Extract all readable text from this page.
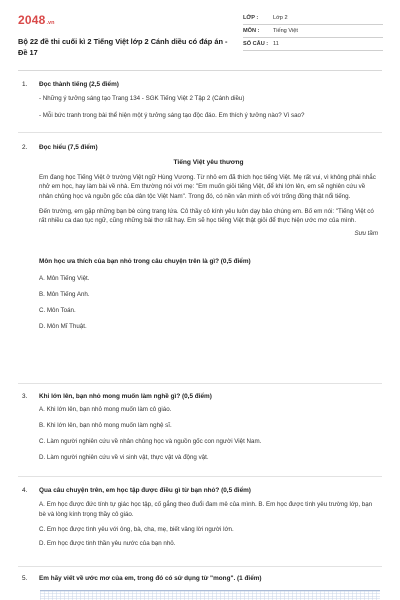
2048 .vn
Bộ 22 đề thi cuối kì 2 Tiếng Việt lớp 2 Cánh diều có đáp án - Đề 17
LỚP :	Lớp 2
MÔN :	Tiếng Việt
SỐ CÂU : 11
1.	Đọc thành tiếng (2,5 điểm)
- Những ý tưởng sáng tạo Trang 134 - SGK Tiếng Việt 2 Tập 2 (Cánh diều)
- Mỗi bức tranh trong bài thể hiện một ý tưởng sáng tạo độc đáo. Em thích ý tưởng nào? Vì sao?
2.	Đọc hiểu (7,5 điểm)
Tiếng Việt yêu thương
Em đang học Tiếng Việt ở trường Việt ngữ Hùng Vương. Từ nhỏ em đã thích học tiếng Việt. Mẹ rất vui, vì không phải nhắc nhở em học, hay làm bài về nhà. Em thường nói với mẹ: "Em muốn giỏi tiếng Việt, để khi lớn lên, em sẽ nghiên cứu về nhân chủng học và nguồn gốc của dân tộc Việt Nam". Trong đó, có nền văn minh cổ với trống đồng thật nổi tiếng.
Đến trường, em gặp những bạn bè cùng trang lứa. Cô thầy cô kính yêu luôn dạy bảo chúng em. Bố em nói: "Tiếng Việt có rất nhiều ca dao tục ngữ, cũng những bài thơ rất hay. Em sẽ học tiếng Việt thật giỏi để thực hiện ước mơ của mình.
Sưu tầm
Môn học ưa thích của bạn nhỏ trong câu chuyện trên là gì? (0,5 điểm)
A. Môn Tiếng Việt.
B. Môn Tiếng Anh.
C. Môn Toán.
D. Môn Mĩ Thuật.
3.	Khi lớn lên, bạn nhỏ mong muốn làm nghề gì? (0,5 điểm)
A. Khi lớn lên, bạn nhỏ mong muốn làm cô giáo.
B. Khi lớn lên, bạn nhỏ mong muốn làm nghệ sĩ.
C. Làm người nghiên cứu về nhân chủng học và nguồn gốc con người Việt Nam.
D. Làm người nghiên cứu về vi sinh vật, thực vật và động vật.
4.	Qua câu chuyện trên, em học tập được điều gì từ bạn nhỏ? (0,5 điểm)
A. Em học được đức tính tự giác học tập, cố gắng theo đuổi đam mê của mình. B. Em học được tình yêu trường lớp, bạn bè và lòng kính trọng thầy cô giáo.
C. Em học được tình yêu với ông, bà, cha, mẹ, biết vâng lời người lớn.
D. Em học được tinh thần yêu nước của bạn nhỏ.
5.	Em hãy viết về ước mơ của em, trong đó có sử dụng từ "mong". (1 điểm)
